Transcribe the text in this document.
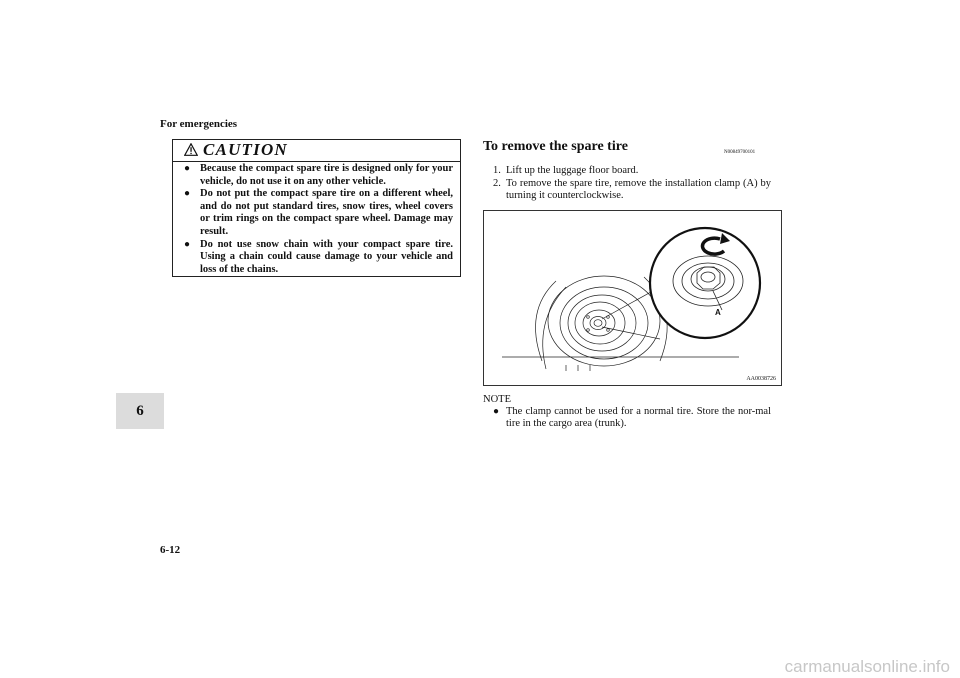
For emergencies
6
6-12
CAUTION
● Because the compact spare tire is designed only for your vehicle, do not use it on any other vehicle.
● Do not put the compact spare tire on a different wheel, and do not put standard tires, snow tires, wheel covers or trim rings on the compact spare wheel. Damage may result.
● Do not use snow chain with your compact spare tire. Using a chain could cause damage to your vehicle and loss of the chains.
To remove the spare tire	N00849700101
1. Lift up the luggage floor board.
2. To remove the spare tire, remove the installation clamp (A) by turning it counterclockwise.
A
AA0038726
NOTE
● The clamp cannot be used for a normal tire. Store the nor-mal tire in the cargo area (trunk).
carmanualsonline.info
